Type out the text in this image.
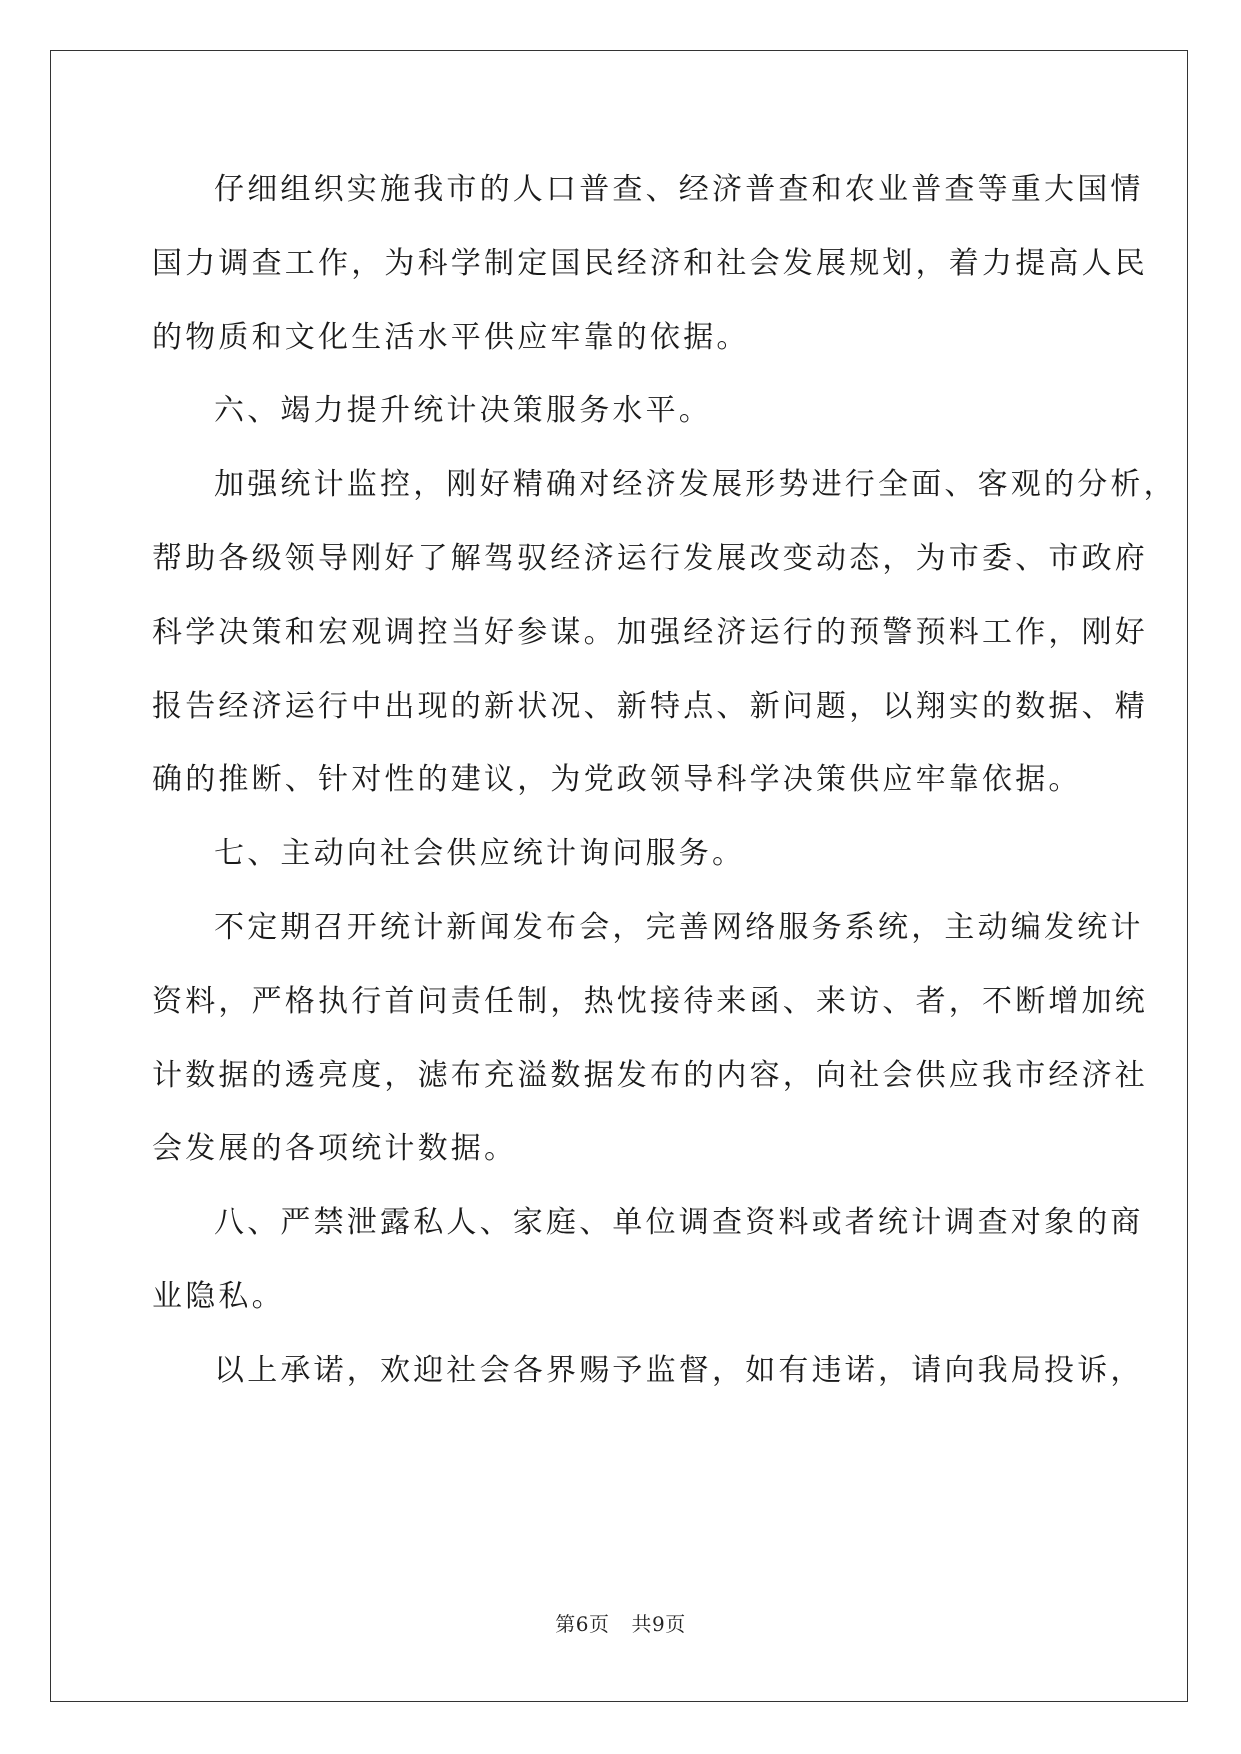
仔细组织实施我市的人口普查、经济普查和农业普查等重大国情
国力调查工作，为科学制定国民经济和社会发展规划，着力提高人民
的物质和文化生活水平供应牢靠的依据。
六、竭力提升统计决策服务水平。
加强统计监控，刚好精确对经济发展形势进行全面、客观的分析，
帮助各级领导刚好了解驾驭经济运行发展改变动态，为市委、市政府
科学决策和宏观调控当好参谋。加强经济运行的预警预料工作，刚好
报告经济运行中出现的新状况、新特点、新问题，以翔实的数据、精
确的推断、针对性的建议，为党政领导科学决策供应牢靠依据。
七、主动向社会供应统计询问服务。
不定期召开统计新闻发布会，完善网络服务系统，主动编发统计
资料，严格执行首问责任制，热忱接待来函、来访、者，不断增加统
计数据的透亮度，滤布充溢数据发布的内容，向社会供应我市经济社
会发展的各项统计数据。
八、严禁泄露私人、家庭、单位调查资料或者统计调查对象的商
业隐私。
以上承诺，欢迎社会各界赐予监督，如有违诺，请向我局投诉，
第6页 共9页
